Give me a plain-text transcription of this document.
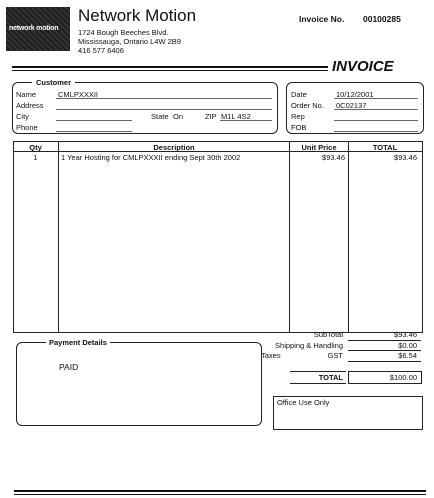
network motion
Network Motion
1724 Bough Beeches Blvd.
Mississauga, Ontario L4W 2B9
416 577 6406
Invoice No. 00100285
INVOICE
Customer
Name	CMLPXXXII
Address
City	State On	ZIP M1L 4S2
Phone
Date	10/12/2001
Order No. 0C02137
Rep
FOB
Qty	Description	Unit Price	TOTAL
1	1 Year Hosting for CMLPXXXII ending Sept 30th 2002	$93.46	$93.46
Payment Details
PAID
SubTotal	$93.46
Shipping & Handling	$0.00
Taxes	GST	$6.54
TOTAL	$100.00
Office Use Only
